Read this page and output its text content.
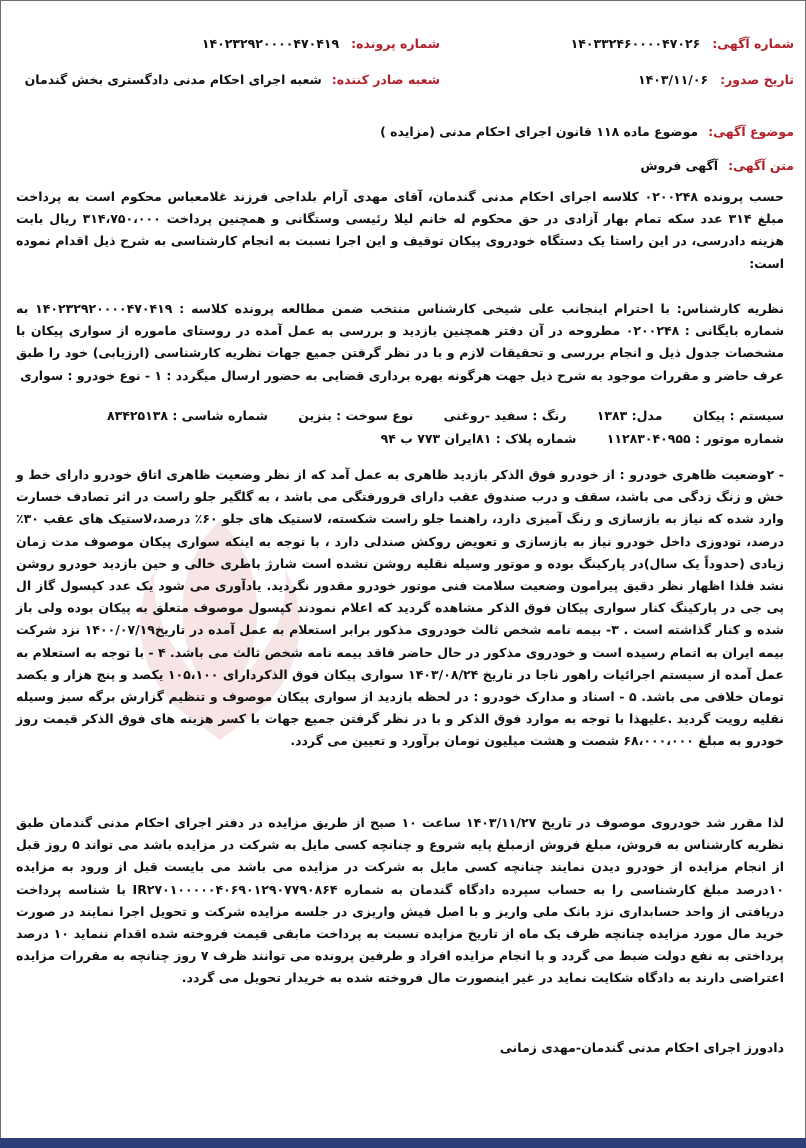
شماره آگهی: ۱۴۰۳۳۲۴۶۰۰۰۰۴۷۰۲۶
شماره پرونده: ۱۴۰۲۳۲۹۲۰۰۰۰۴۷۰۴۱۹
تاریخ صدور: ۱۴۰۳/۱۱/۰۶
شعبه صادر کننده: شعبه اجرای احکام مدنی دادگستری بخش گندمان
موضوع آگهی: موضوع ماده ۱۱۸ قانون اجرای احکام مدنی (مزایده )
متن آگهی: آگهی فروش
حسب پرونده ۰۲۰۰۲۴۸ کلاسه اجرای احکام مدنی گندمان، آقای مهدی آرام بلداجی فرزند غلامعباس محکوم است به پرداخت مبلغ ۳۱۴ عدد سکه تمام بهار آزادی در حق محکوم له خانم لیلا رئیسی وستگانی و همچنین پرداخت ۳۱۴،۷۵۰،۰۰۰ ریال بابت هزینه دادرسی، در این راستا یک دستگاه خودروی پیکان توقیف و این اجرا نسبت به انجام کارشناسی به شرح ذیل اقدام نموده است:
نظریه کارشناس: با احترام اینجانب علی شیخی کارشناس منتخب ضمن مطالعه پرونده کلاسه : ۱۴۰۲۳۲۹۲۰۰۰۰۴۷۰۴۱۹ به شماره بایگانی : ۰۲۰۰۲۴۸ مطروحه در آن دفتر همچنین بازدید و بررسی به عمل آمده در روستای ماموره از سواری پیکان با مشخصات جدول ذیل و انجام بررسی و تحقیقات لازم و با در نظر گرفتن جمیع جهات نظریه کارشناسی (ارزیابی) خود را طبق عرف حاضر و مقررات موجود به شرح ذیل جهت هرگونه بهره برداری قضایی به حضور ارسال میگردد : ۱ - نوع خودرو : سواری
سیستم : پیکان مدل: ۱۳۸۳ رنگ : سفید -روغنی نوع سوخت : بنزین شماره شاسی : ۸۳۴۲۵۱۳۸
شماره موتور : ۱۱۲۸۳۰۴۰۹۵۵ شماره پلاک : ۸۱ایران ۷۷۳ ب ۹۴
- ۲وضعیت ظاهری خودرو : از خودرو فوق الذکر بازدید ظاهری به عمل آمد که از نظر وضعیت ظاهری اتاق خودرو دارای خط و خش و زنگ زدگی می باشد، سقف و درب صندوق عقب دارای فرورفتگی می باشد ، به گلگیر جلو راست در اثر تصادف خسارت وارد شده که نیاز به بازسازی و رنگ آمیزی دارد، راهنما جلو راست شکسته، لاستیک های جلو ۶۰٪ درصد،لاستیک های عقب ۳۰٪ درصد، تودوزی داخل خودرو نیاز به بازسازی و تعویض روکش صندلی دارد ، با توجه به اینکه سواری پیکان موصوف مدت زمان زیادی (حدوداً یک سال)در پارکینگ بوده و موتور وسیله نقلیه روشن نشده است شارژ باطری خالی و حین بازدید خودرو روشن نشد فلذا اظهار نظر دقیق پیرامون وضعیت سلامت فنی موتور خودرو مقدور نگردید. یادآوری می شود یک عدد کپسول گاز ال پی جی در پارکینگ کنار سواری پیکان فوق الذکر مشاهده گردید که اعلام نمودند کپسول موصوف متعلق به پیکان بوده ولی باز شده و کنار گذاشته است . ۳- بیمه نامه شخص ثالث خودروی مذکور برابر استعلام به عمل آمده در تاریخ۱۴۰۰/۰۷/۱۹ نزد شرکت بیمه ایران به اتمام رسیده است و خودروی مذکور در حال حاضر فاقد بیمه نامه شخص ثالث می باشد. ۴ - با توجه به استعلام به عمل آمده از سیستم اجرائیات راهور ناجا در تاریخ ۱۴۰۳/۰۸/۲۴ سواری پیکان فوق الذکردارای ۱۰۵،۱۰۰ یکصد و پنج هزار و یکصد تومان خلافی می باشد. ۵ - اسناد و مدارک خودرو : در لحظه بازدید از سواری پیکان موصوف و تنظیم گزارش برگه سبز وسیله نقلیه رویت گردید .علیهذا با توجه به موارد فوق الذکر و با در نظر گرفتن جمیع جهات با کسر هزینه های فوق الذکر قیمت روز خودرو به مبلغ ۶۸،۰۰۰،۰۰۰ شصت و هشت میلیون تومان برآورد و تعیین می گردد.
لذا مقرر شد خودروی موصوف در تاریخ ۱۴۰۳/۱۱/۲۷ ساعت ۱۰ صبح از طریق مزایده در دفتر اجرای احکام مدنی گندمان طبق نظریه کارشناس به فروش، مبلغ فروش ازمبلغ پایه شروع و چنانچه کسی مایل به شرکت در مزایده باشد می تواند ۵ روز قبل از انجام مزایده از خودرو دیدن نمایند چنانچه کسی مایل به شرکت در مزایده می باشد می بایست قبل از ورود به مزایده ۱۰درصد مبلغ کارشناسی را به حساب سپرده دادگاه گندمان به شماره IR۲۷۰۱۰۰۰۰۰۴۰۶۹۰۱۲۹۰۷۷۹۰۸۶۴ با شناسه پرداخت دریافتی از واحد حسابداری نزد بانک ملی واریز و با اصل فیش واریزی در جلسه مزایده شرکت و تحویل اجرا نمایند در صورت خرید مال مورد مزایده چنانچه ظرف یک ماه از تاریخ مزایده نسبت به پرداخت مابقی قیمت فروخته شده اقدام ننماید ۱۰ درصد پرداختی به نفع دولت ضبط می گردد و با انجام مزایده افراد و طرفین پرونده می توانند ظرف ۷ روز چنانچه به مقررات مزایده اعتراضی دارند به دادگاه شکایت نماید در غیر اینصورت مال فروخته شده به خریدار تحویل می گردد.
دادورز اجرای احکام مدنی گندمان-مهدی زمانی
